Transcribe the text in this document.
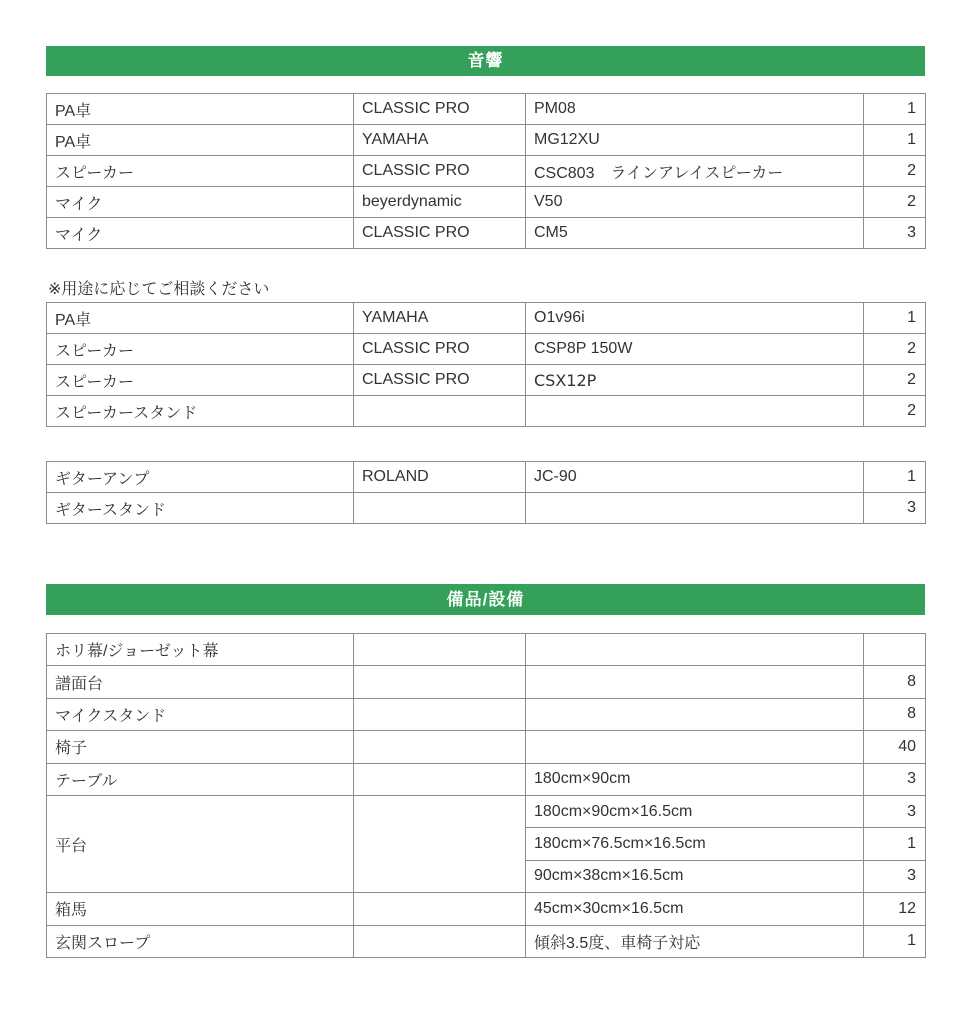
音響
PA卓	CLASSIC PRO	PM08	1
PA卓	YAMAHA	MG12XU	1
スピーカー	CLASSIC PRO	CSC803　ラインアレイスピーカー	2
マイク	beyerdynamic	V50	2
マイク	CLASSIC PRO	CM5	3
※用途に応じてご相談ください
PA卓	YAMAHA	O1v96i	1
スピーカー	CLASSIC PRO	CSP8P 150W	2
スピーカー	CLASSIC PRO	CSX12P	2
スピーカースタンド			2
ギターアンプ	ROLAND	JC-90	1
ギタースタンド			3
備品/設備
ホリ幕/ジョーゼット幕			
譜面台			8
マイクスタンド			8
椅子			40
テーブル		180cm×90cm	3
平台		180cm×90cm×16.5cm	3
		180cm×76.5cm×16.5cm	1
		90cm×38cm×16.5cm	3
箱馬		45cm×30cm×16.5cm	12
玄関スロープ		傾斜3.5度、車椅子対応	1
